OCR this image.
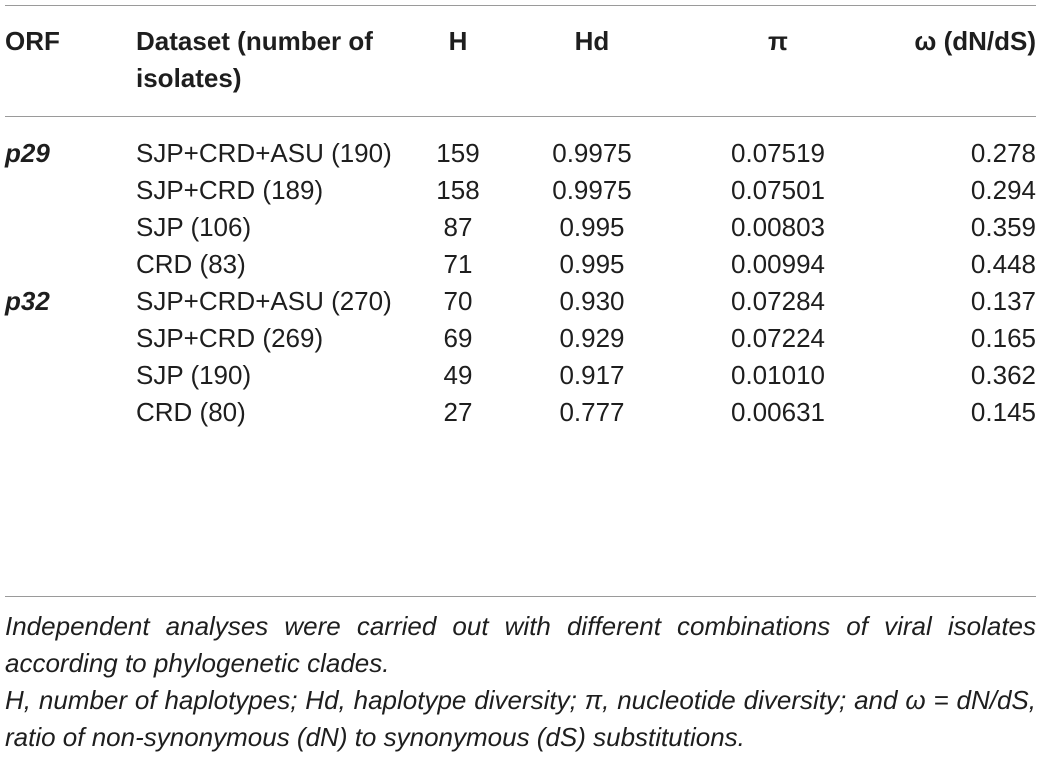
ORF	Dataset (number of isolates)	H	Hd	π	ω (dN/dS)
p29	SJP+CRD+ASU (190)	159	0.9975	0.07519	0.278
	SJP+CRD (189)	158	0.9975	0.07501	0.294
	SJP (106)	87	0.995	0.00803	0.359
	CRD (83)	71	0.995	0.00994	0.448
p32	SJP+CRD+ASU (270)	70	0.930	0.07284	0.137
	SJP+CRD (269)	69	0.929	0.07224	0.165
	SJP (190)	49	0.917	0.01010	0.362
	CRD (80)	27	0.777	0.00631	0.145

Independent analyses were carried out with different combinations of viral isolates according to phylogenetic clades.

H, number of haplotypes; Hd, haplotype diversity; π, nucleotide diversity; and ω = dN/dS, ratio of non-synonymous (dN) to synonymous (dS) substitutions.
